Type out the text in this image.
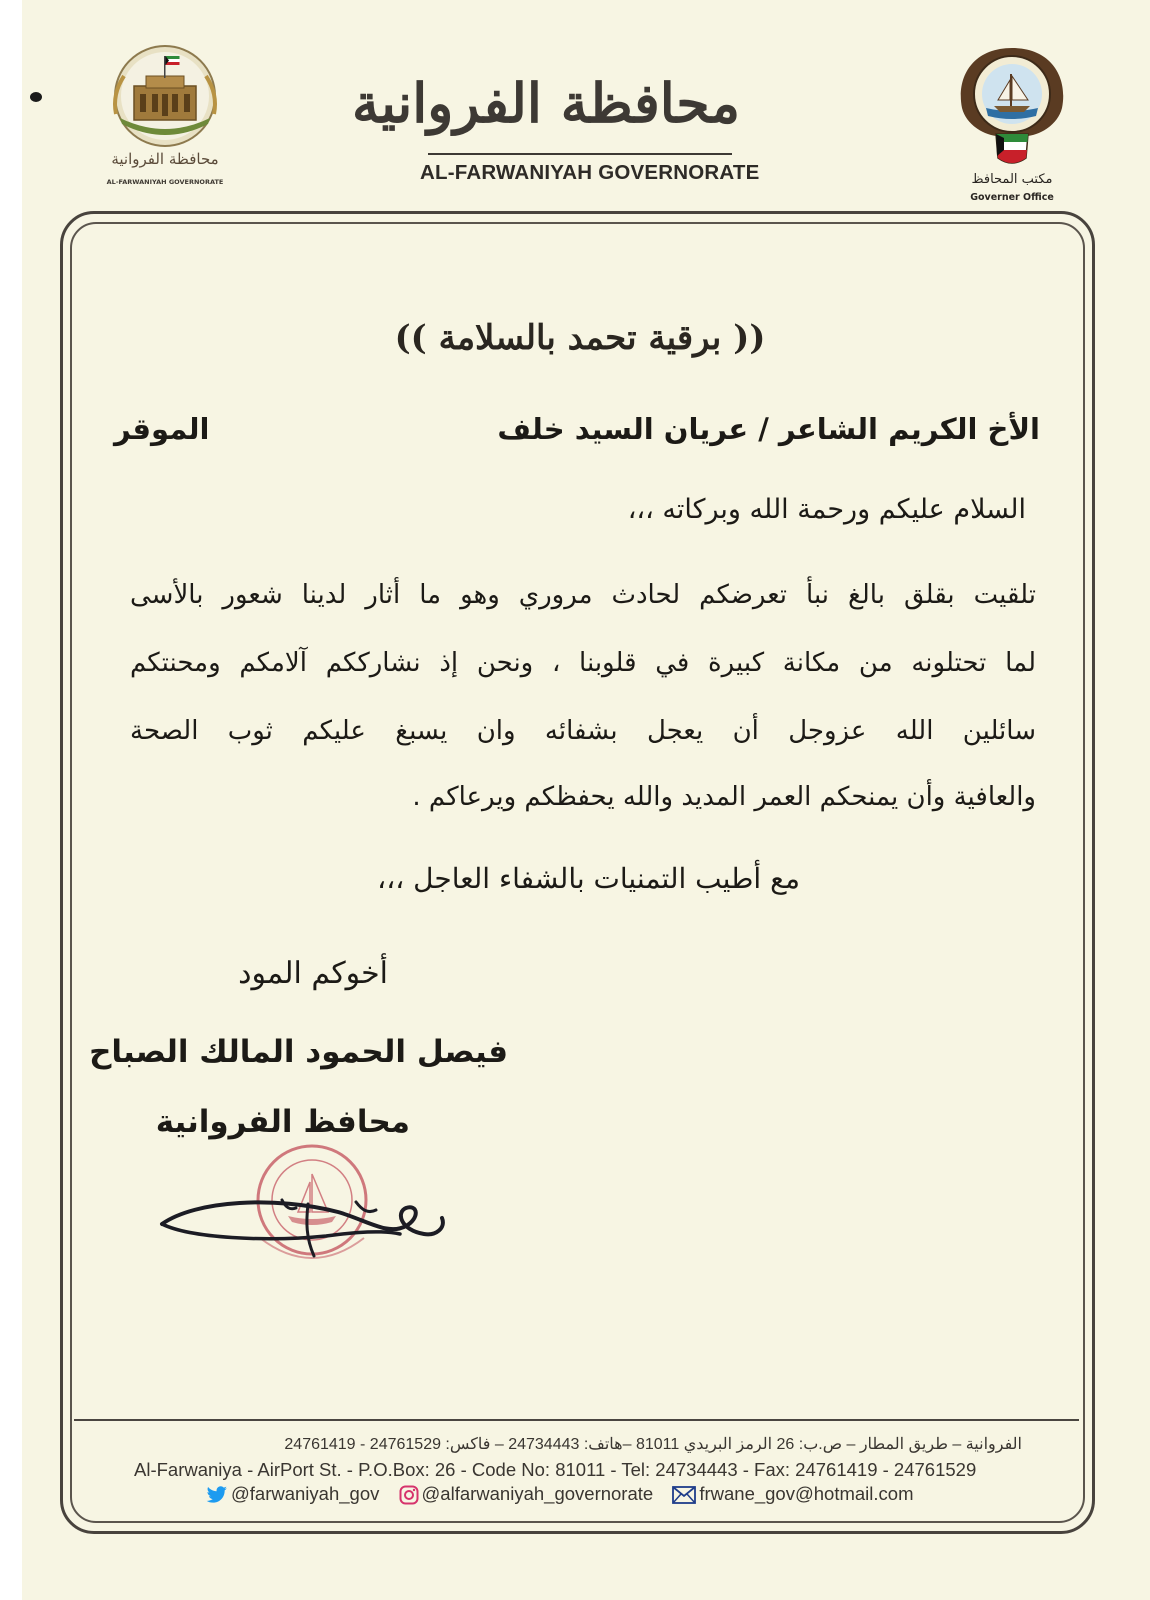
محافظة الفروانية
AL-FARWANIYAH GOVERNORATE
محافظة الفروانية
AL-FARWANIYAH GOVERNORATE	مكتب المحافظ
Governer Office
(( برقية تحمد بالسلامة ))
الأخ الكريم الشاعر / عريان السيد خلف
الموقر
السلام عليكم ورحمة الله وبركاته ،،،
تلقيت بقلق بالغ نبأ تعرضكم لحادث مروري وهو ما أثار لدينا شعور بالأسى
لما تحتلونه من مكانة كبيرة في قلوبنا ، ونحن إذ نشارككم آلامكم ومحنتكم
سائلين الله عزوجل أن يعجل بشفائه وان يسبغ عليكم ثوب الصحة
والعافية وأن يمنحكم العمر المديد والله يحفظكم ويرعاكم .
مع أطيب التمنيات بالشفاء العاجل ،،،
أخوكم المود
فيصل الحمود المالك الصباح
محافظ الفروانية
الفروانية – طريق المطار – ص.ب: 26 الرمز البريدي 81011 –هاتف: 24734443 – فاكس: 24761529 - 24761419
Al-Farwaniya - AirPort St. - P.O.Box: 26 - Code No: 81011 - Tel: 24734443 - Fax: 24761419 - 24761529
@farwaniyah_gov @alfarwaniyah_governorate frwane_gov@hotmail.com
